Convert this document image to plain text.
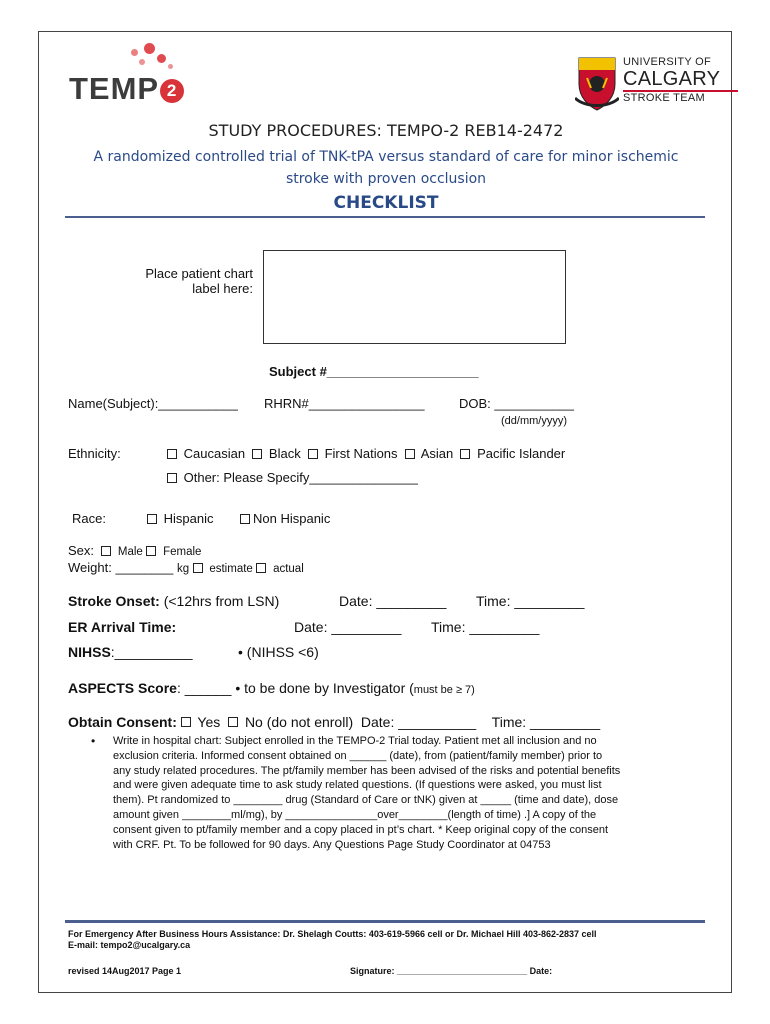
TEMP 2
UNIVERSITY OF
CALGARY
STROKE TEAM
STUDY PROCEDURES: TEMPO-2 REB14-2472
A randomized controlled trial of TNK-tPA versus standard of care for minor ischemic
stroke with proven occlusion
CHECKLIST
Place patient chart
label here:
Subject #_____________________
Name(Subject):___________ RHRN#________________	DOB: ___________
(dd/mm/yyyy)
Ethnicity:	Caucasian Black First Nations Asian Pacific Islander
Other: Please Specify_______________
Race:	Hispanic	Non Hispanic
Sex: Male Female
Weight: ________ kg estimate actual
Stroke Onset: (<12hrs from LSN)	Date: _________ Time: _________
ER Arrival Time:	Date: _________ Time: _________
NIHSS:__________	• (NIHSS <6)
ASPECTS Score: ______ • to be done by Investigator (must be ≥ 7)
Obtain Consent: Yes No (do not enroll) Date: __________ Time: _________
• Write in hospital chart: Subject enrolled in the TEMPO-2 Trial today. Patient met all inclusion and no
exclusion criteria. Informed consent obtained on ______ (date), from (patient/family member) prior to
any study related procedures. The pt/family member has been advised of the risks and potential benefits
and were given adequate time to ask study related questions. (If questions were asked, you must list
them). Pt randomized to ________ drug (Standard of Care or tNK) given at _____ (time and date), dose
amount given ________ml/mg), by _______________over________(length of time) .] A copy of the
consent given to pt/family member and a copy placed in pt’s chart. * Keep original copy of the consent
with CRF. Pt. To be followed for 90 days. Any Questions Page Study Coordinator at 04753
For Emergency After Business Hours Assistance: Dr. Shelagh Coutts: 403-619-5966 cell or Dr. Michael Hill 403-862-2837 cell
E-mail: tempo2@ucalgary.ca
revised 14Aug2017 Page 1	Signature: __________________________ Date:
